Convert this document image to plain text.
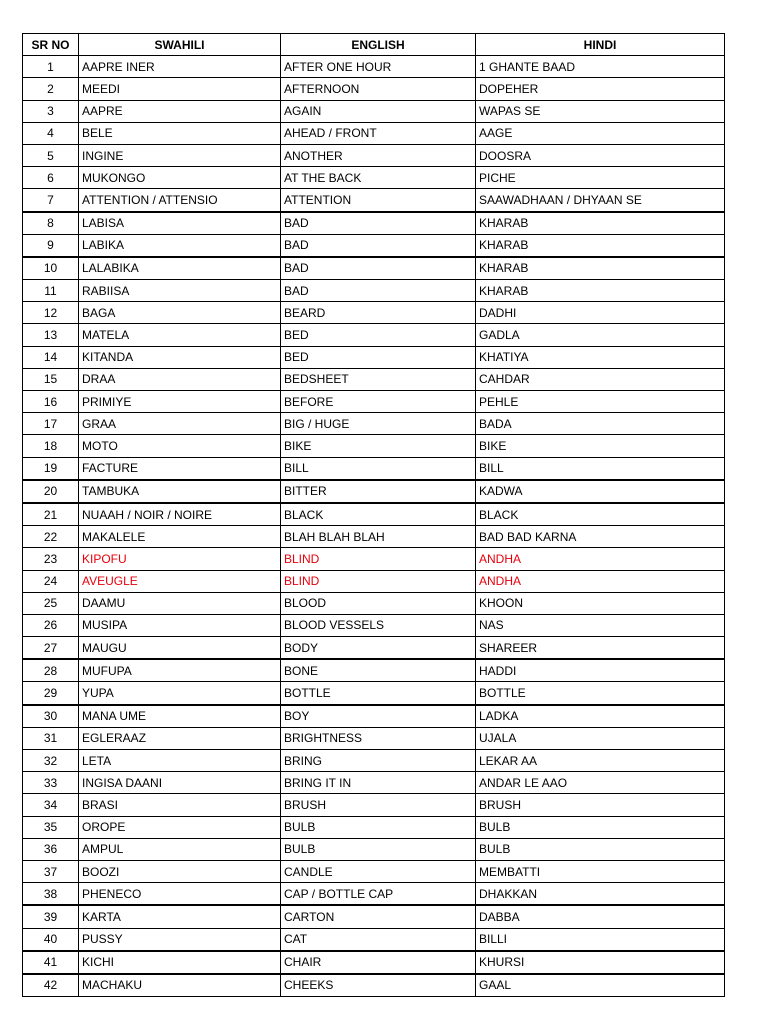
SR NO	SWAHILI	ENGLISH	HINDI
1	AAPRE INER	AFTER ONE HOUR	1 GHANTE BAAD
2	MEEDI	AFTERNOON	DOPEHER
3	AAPRE	AGAIN	WAPAS SE
4	BELE	AHEAD / FRONT	AAGE
5	INGINE	ANOTHER	DOOSRA
6	MUKONGO	AT THE BACK	PICHE
7	ATTENTION / ATTENSIO	ATTENTION	SAAWADHAAN / DHYAAN SE
8	LABISA	BAD	KHARAB
9	LABIKA	BAD	KHARAB
10	LALABIKA	BAD	KHARAB
11	RABIISA	BAD	KHARAB
12	BAGA	BEARD	DADHI
13	MATELA	BED	GADLA
14	KITANDA	BED	KHATIYA
15	DRAA	BEDSHEET	CAHDAR
16	PRIMIYE	BEFORE	PEHLE
17	GRAA	BIG / HUGE	BADA
18	MOTO	BIKE	BIKE
19	FACTURE	BILL	BILL
20	TAMBUKA	BITTER	KADWA
21	NUAAH / NOIR / NOIRE	BLACK	BLACK
22	MAKALELE	BLAH BLAH BLAH	BAD BAD KARNA
23	KIPOFU	BLIND	ANDHA
24	AVEUGLE	BLIND	ANDHA
25	DAAMU	BLOOD	KHOON
26	MUSIPA	BLOOD VESSELS	NAS
27	MAUGU	BODY	SHAREER
28	MUFUPA	BONE	HADDI
29	YUPA	BOTTLE	BOTTLE
30	MANA UME	BOY	LADKA
31	EGLERAAZ	BRIGHTNESS	UJALA
32	LETA	BRING	LEKAR AA
33	INGISA DAANI	BRING IT IN	ANDAR LE AAO
34	BRASI	BRUSH	BRUSH
35	OROPE	BULB	BULB
36	AMPUL	BULB	BULB
37	BOOZI	CANDLE	MEMBATTI
38	PHENECO	CAP / BOTTLE CAP	DHAKKAN
39	KARTA	CARTON	DABBA
40	PUSSY	CAT	BILLI
41	KICHI	CHAIR	KHURSI
42	MACHAKU	CHEEKS	GAAL
